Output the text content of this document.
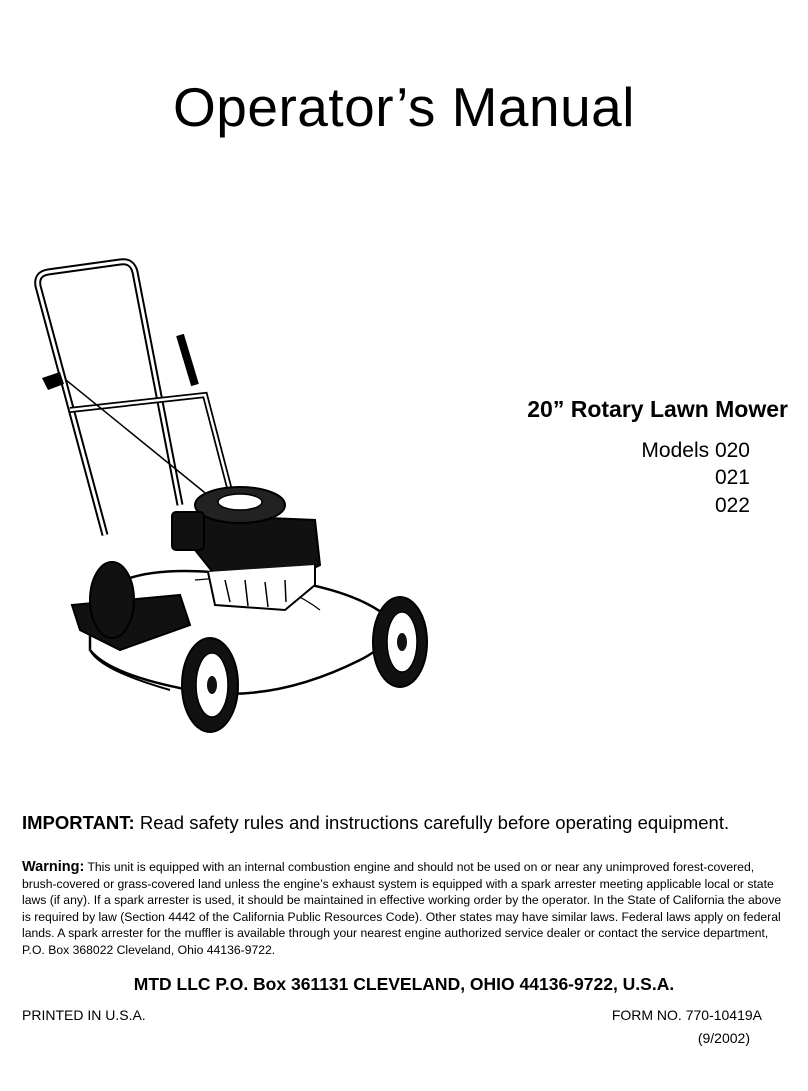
Operator’s Manual
20” Rotary Lawn Mower
Models 020
021
022
IMPORTANT: Read safety rules and instructions carefully before operating equipment.
Warning: This unit is equipped with an internal combustion engine and should not be used on or near any unimproved forest-covered, brush-covered or grass-covered land unless the engine’s exhaust system is equipped with a spark arrester meeting applicable local or state laws (if any). If a spark arrester is used, it should be maintained in effective working order by the operator. In the State of California the above is required by law (Section 4442 of the California Public Resources Code). Other states may have similar laws. Federal laws apply on federal lands. A spark arrester for the muffler is available through your nearest engine authorized service dealer or contact the service department, P.O. Box 368022 Cleveland, Ohio 44136-9722.
MTD LLC P.O. Box 361131 CLEVELAND, OHIO 44136-9722, U.S.A.
PRINTED IN U.S.A.	FORM NO. 770-10419A
(9/2002)
